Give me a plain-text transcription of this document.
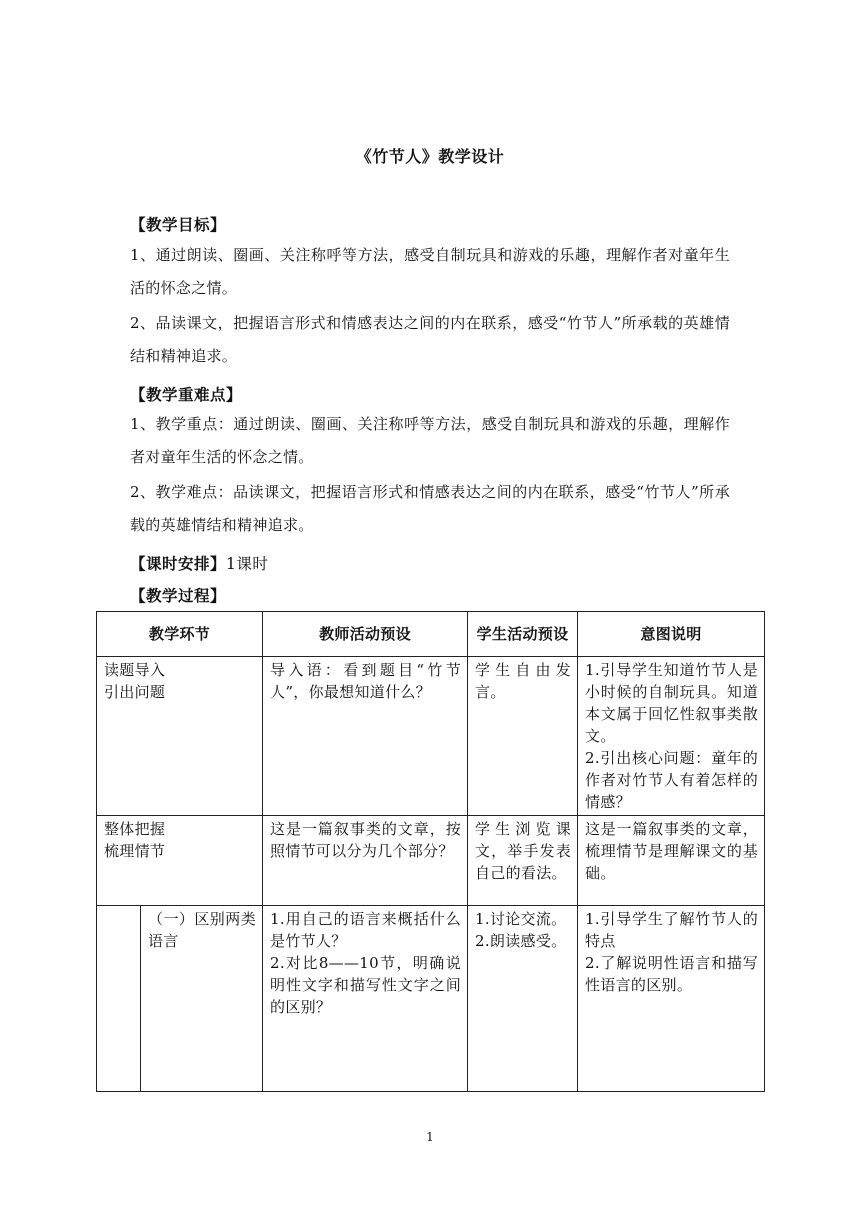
《竹节人》教学设计
【教学目标】
1、通过朗读、圈画、关注称呼等方法，感受自制玩具和游戏的乐趣，理解作者对童年生活的怀念之情。
2、品读课文，把握语言形式和情感表达之间的内在联系，感受“竹节人”所承载的英雄情结和精神追求。
【教学重难点】
1、教学重点：通过朗读、圈画、关注称呼等方法，感受自制玩具和游戏的乐趣，理解作者对童年生活的怀念之情。
2、教学难点：品读课文，把握语言形式和情感表达之间的内在联系，感受“竹节人”所承载的英雄情结和精神追求。
【课时安排】1课时
【教学过程】
教学环节		教师活动预设	学生活动预设	意图说明

读题导入
引出问题		导入语：看到题目“竹节人”，你最想知道什么？	学生自由发言。	1.引导学生知道竹节人是小时候的自制玩具。知道本文属于回忆性叙事类散文。
2.引出核心问题：童年的作者对竹节人有着怎样的情感？

整体把握
梳理情节		这是一篇叙事类的文章，按照情节可以分为几个部分？	学生浏览课文，举手发表自己的看法。	这是一篇叙事类的文章，梳理情节是理解课文的基础。

	（一）区别两类语言	1.用自己的语言来概括什么是竹节人？
2.对比8——10节，明确说明性文字和描写性文字之间的区别？	1.讨论交流。
2.朗读感受。	1.引导学生了解竹节人的特点
2.了解说明性语言和描写性语言的区别。
1
